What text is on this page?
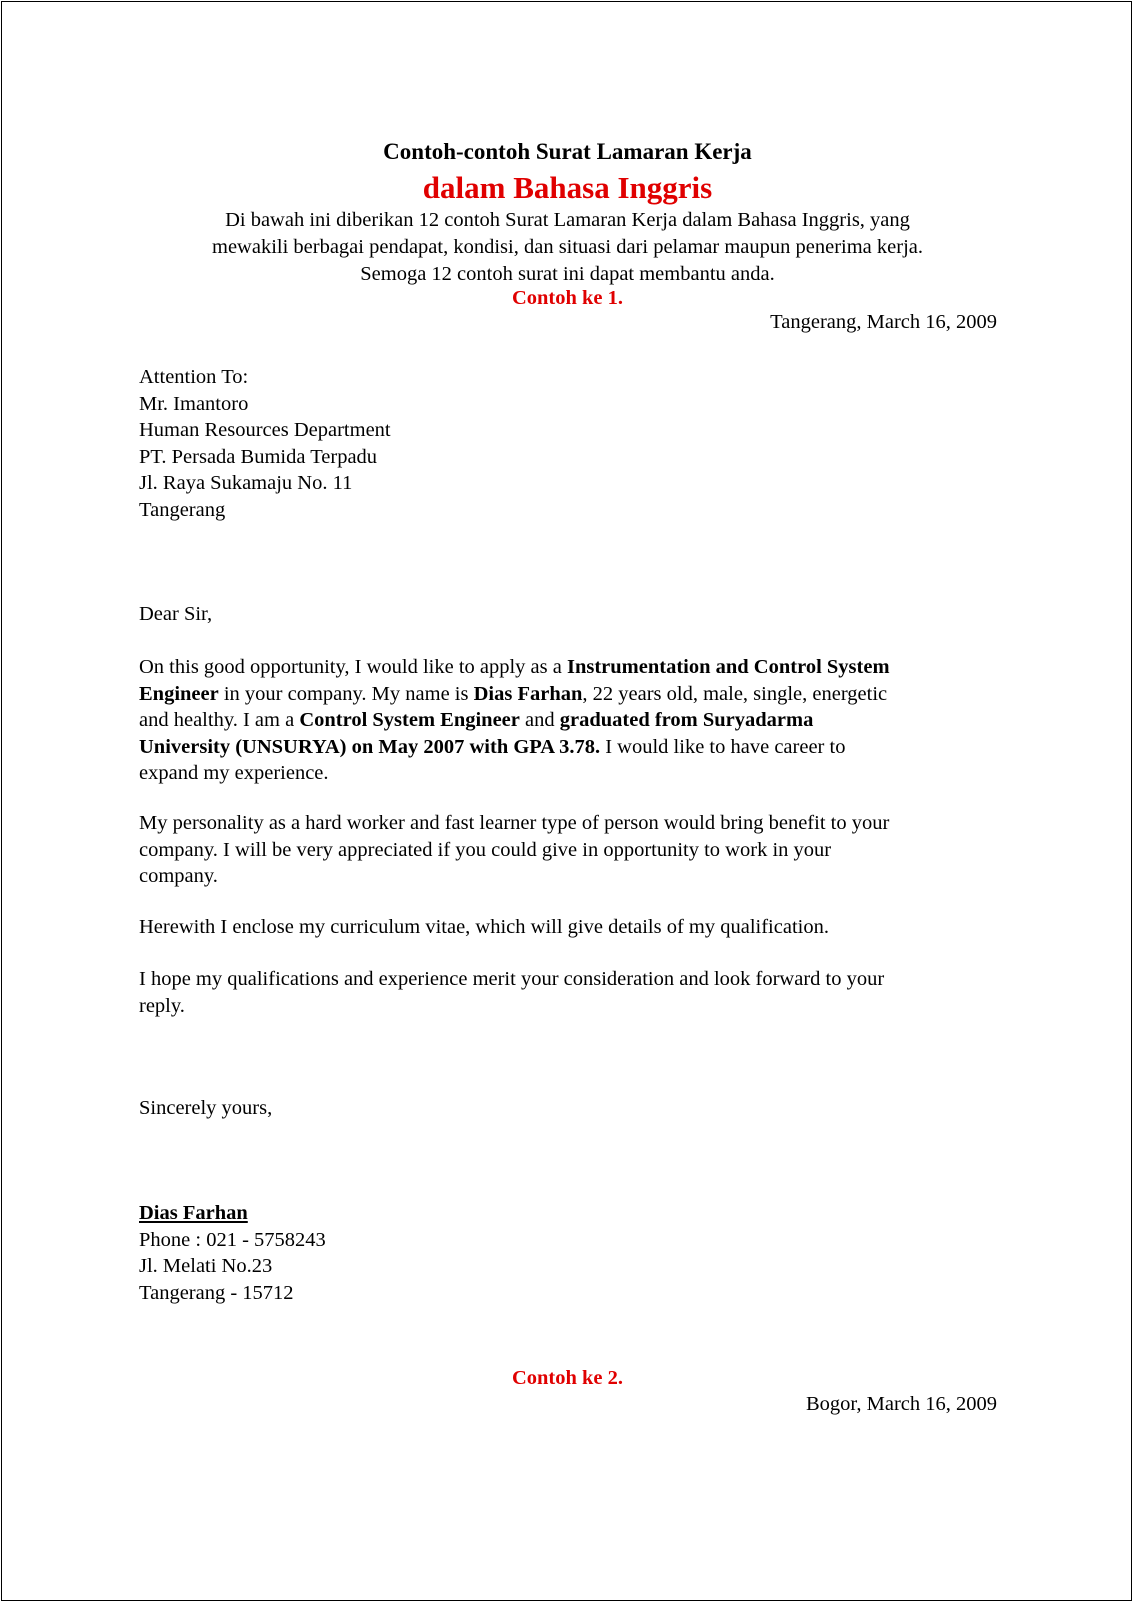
Contoh-contoh Surat Lamaran Kerja
dalam Bahasa Inggris
Di bawah ini diberikan 12 contoh Surat Lamaran Kerja dalam Bahasa Inggris, yang
mewakili berbagai pendapat, kondisi, dan situasi dari pelamar maupun penerima kerja.
Semoga 12 contoh surat ini dapat membantu anda.
Contoh ke 1.
Tangerang, March 16, 2009
Attention To:
Mr. Imantoro
Human Resources Department
PT. Persada Bumida Terpadu
Jl. Raya Sukamaju No. 11
Tangerang
Dear Sir,
On this good opportunity, I would like to apply as a Instrumentation and Control System
Engineer in your company. My name is Dias Farhan, 22 years old, male, single, energetic
and healthy. I am a Control System Engineer and graduated from Suryadarma
University (UNSURYA) on May 2007 with GPA 3.78. I would like to have career to
expand my experience.
My personality as a hard worker and fast learner type of person would bring benefit to your
company. I will be very appreciated if you could give in opportunity to work in your
company.
Herewith I enclose my curriculum vitae, which will give details of my qualification.
I hope my qualifications and experience merit your consideration and look forward to your
reply.
Sincerely yours,
Dias Farhan
Phone : 021 - 5758243
Jl. Melati No.23
Tangerang - 15712
Contoh ke 2.
Bogor, March 16, 2009
